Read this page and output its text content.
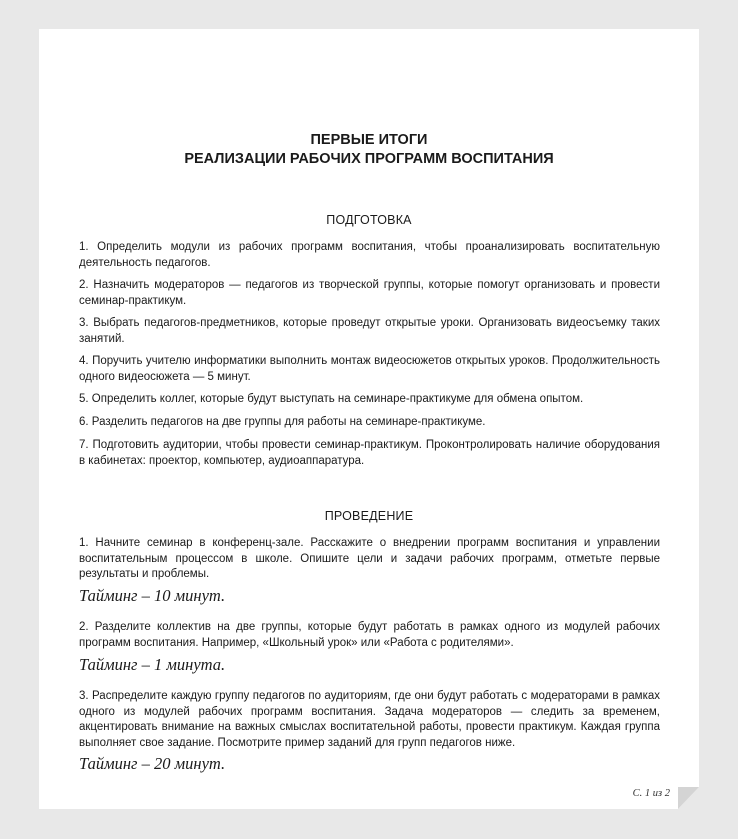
ПЕРВЫЕ ИТОГИ

РЕАЛИЗАЦИИ РАБОЧИХ ПРОГРАММ ВОСПИТАНИЯ

ПОДГОТОВКА

1. Определить модули из рабочих программ воспитания, чтобы проанализировать воспитательную деятельность педагогов.

2. Назначить модераторов — педагогов из творческой группы, которые помогут организовать и провести семинар-практикум.

3. Выбрать педагогов-предметников, которые проведут открытые уроки. Организовать видеосъемку таких занятий.

4. Поручить учителю информатики выполнить монтаж видеосюжетов открытых уроков. Продолжительность одного видеосюжета — 5 минут.

5. Определить коллег, которые будут выступать на семинаре-практикуме для обмена опытом.

6. Разделить педагогов на две группы для работы на семинаре-практикуме.

7. Подготовить аудитории, чтобы провести семинар-практикум. Проконтролировать наличие оборудования в кабинетах: проектор, компьютер, аудиоаппаратура.

ПРОВЕДЕНИЕ

1. Начните семинар в конференц-зале. Расскажите о внедрении программ воспитания и управлении воспитательным процессом в школе. Опишите цели и задачи рабочих программ, отметьте первые результаты и проблемы.

Тайминг – 10 минут.

2. Разделите коллектив на две группы, которые будут работать в рамках одного из модулей рабочих программ воспитания. Например, «Школьный урок» или «Работа с родителями».

Тайминг – 1 минута.

3. Распределите каждую группу педагогов по аудиториям, где они будут работать с модераторами в рамках одного из модулей рабочих программ воспитания. Задача модераторов — следить за временем, акцентировать внимание на важных смыслах воспитательной работы, провести практикум. Каждая группа выполняет свое задание. Посмотрите пример заданий для групп педагогов ниже.

Тайминг – 20 минут.

С. 1 из 2
